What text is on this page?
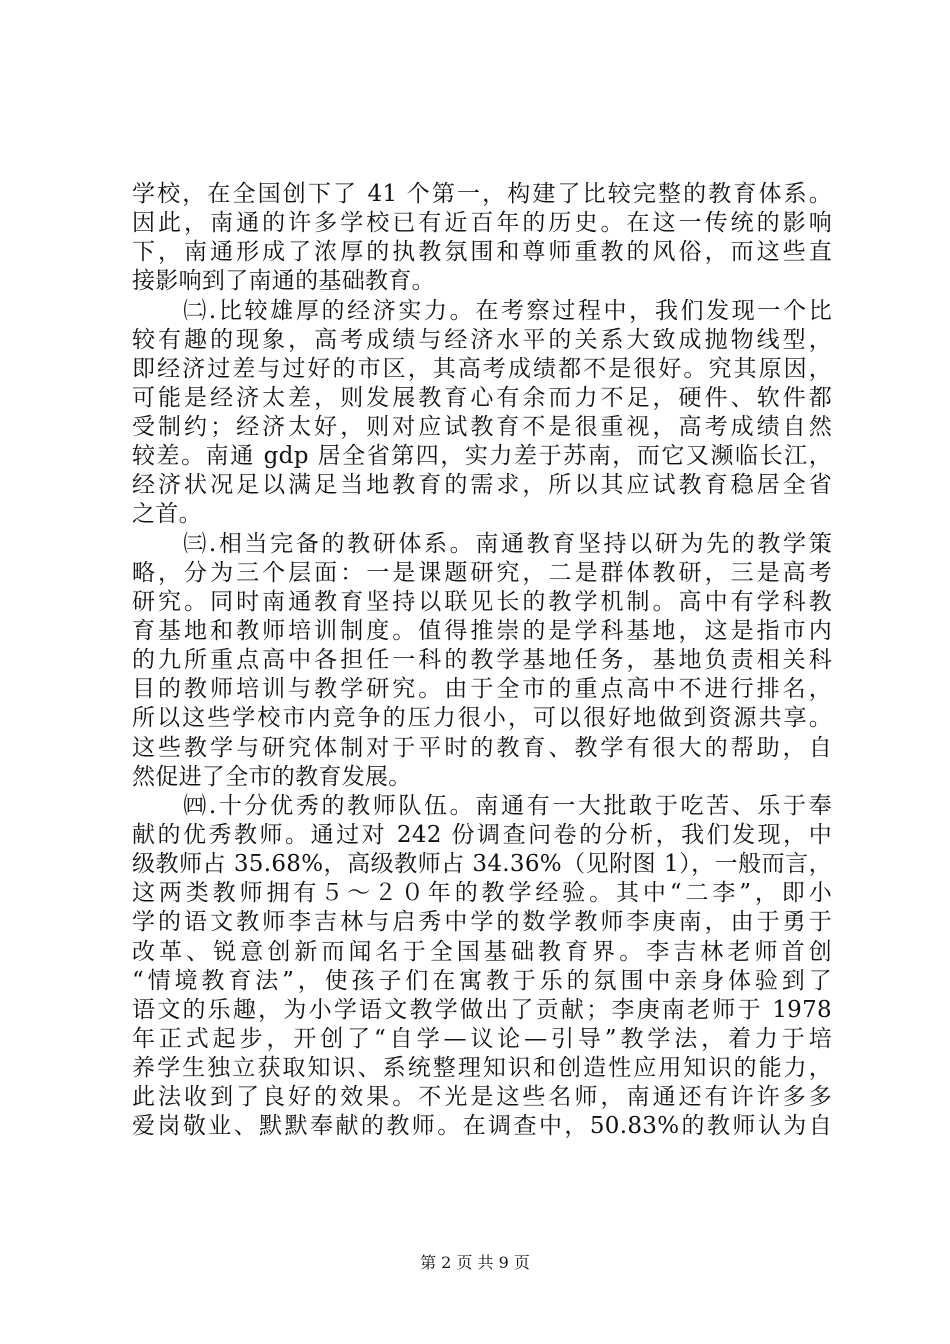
学校，在全国创下了 41 个第一，构建了比较完整的教育体系。
因此，南通的许多学校已有近百年的历史。在这一传统的影响
下，南通形成了浓厚的执教氛围和尊师重教的风俗，而这些直
接影响到了南通的基础教育。
　　㈡.比较雄厚的经济实力。在考察过程中，我们发现一个比
较有趣的现象，高考成绩与经济水平的关系大致成抛物线型，
即经济过差与过好的市区，其高考成绩都不是很好。究其原因，
可能是经济太差，则发展教育心有余而力不足，硬件、软件都
受制约；经济太好，则对应试教育不是很重视，高考成绩自然
较差。南通 gdp 居全省第四，实力差于苏南，而它又濒临长江，
经济状况足以满足当地教育的需求，所以其应试教育稳居全省
之首。
　　㈢.相当完备的教研体系。南通教育坚持以研为先的教学策
略，分为三个层面：一是课题研究，二是群体教研，三是高考
研究。同时南通教育坚持以联见长的教学机制。高中有学科教
育基地和教师培训制度。值得推崇的是学科基地，这是指市内
的九所重点高中各担任一科的教学基地任务，基地负责相关科
目的教师培训与教学研究。由于全市的重点高中不进行排名，
所以这些学校市内竞争的压力很小，可以很好地做到资源共享。
这些教学与研究体制对于平时的教育、教学有很大的帮助，自
然促进了全市的教育发展。
　　㈣.十分优秀的教师队伍。南通有一大批敢于吃苦、乐于奉
献的优秀教师。通过对 242 份调查问卷的分析，我们发现，中
级教师占 35.68%，高级教师占 34.36%（见附图 1），一般而言，
这两类教师拥有５～２０年的教学经验。其中“二李”，即小
学的语文教师李吉林与启秀中学的数学教师李庚南，由于勇于
改革、锐意创新而闻名于全国基础教育界。李吉林老师首创
“情境教育法”，使孩子们在寓教于乐的氛围中亲身体验到了
语文的乐趣，为小学语文教学做出了贡献；李庚南老师于 1978
年正式起步，开创了“自学—议论—引导”教学法，着力于培
养学生独立获取知识、系统整理知识和创造性应用知识的能力，
此法收到了良好的效果。不光是这些名师，南通还有许许多多
爱岗敬业、默默奉献的教师。在调查中，50.83%的教师认为自
第 2 页 共 9 页
